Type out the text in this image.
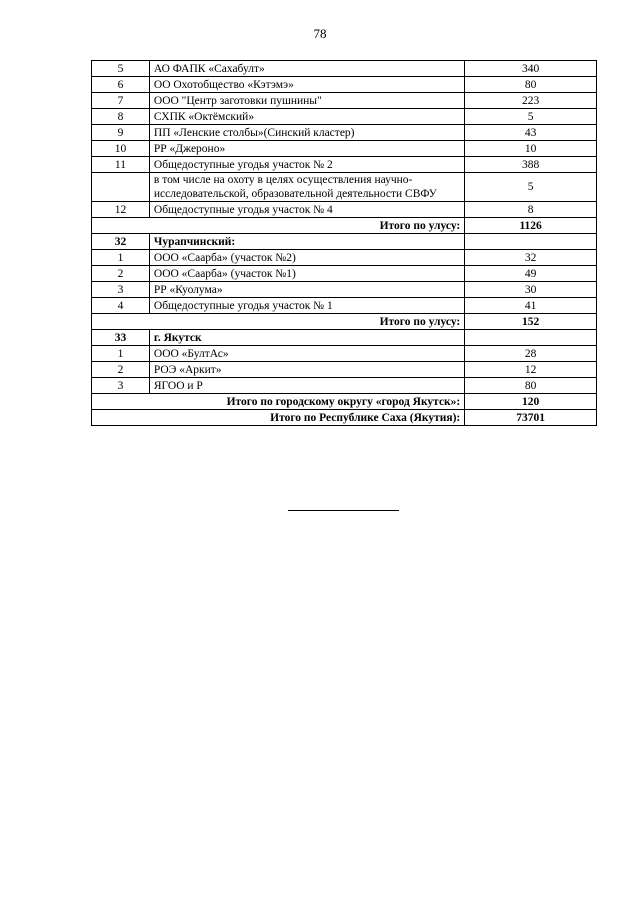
78
5	АО ФАПК «Сахабулт»	340
6	ОО Охотобщество «Кэтэмэ»	80
7	ООО "Центр заготовки пушнины"	223
8	СХПК «Октёмский»	5
9	ПП «Ленские столбы»(Синский кластер)	43
10	РР «Джероно»	10
11	Общедоступные угодья участок № 2	388
	в том числе на охоту в целях осуществления научно-исследовательской, образовательной деятельности СВФУ	5
12	Общедоступные угодья участок № 4	8
Итого по улусу:		1126
32	Чурапчинский:	
1	ООО «Саарба» (участок №2)	32
2	ООО «Саарба» (участок №1)	49
3	РР «Куолума»	30
4	Общедоступные угодья участок № 1	41
Итого по улусу:		152
33	г. Якутск	
1	ООО «БултАс»	28
2	РОЭ «Аркит»	12
3	ЯГОО и Р	80
Итого по городскому округу «город Якутск»:		120
Итого по Республике Саха (Якутия):		73701
